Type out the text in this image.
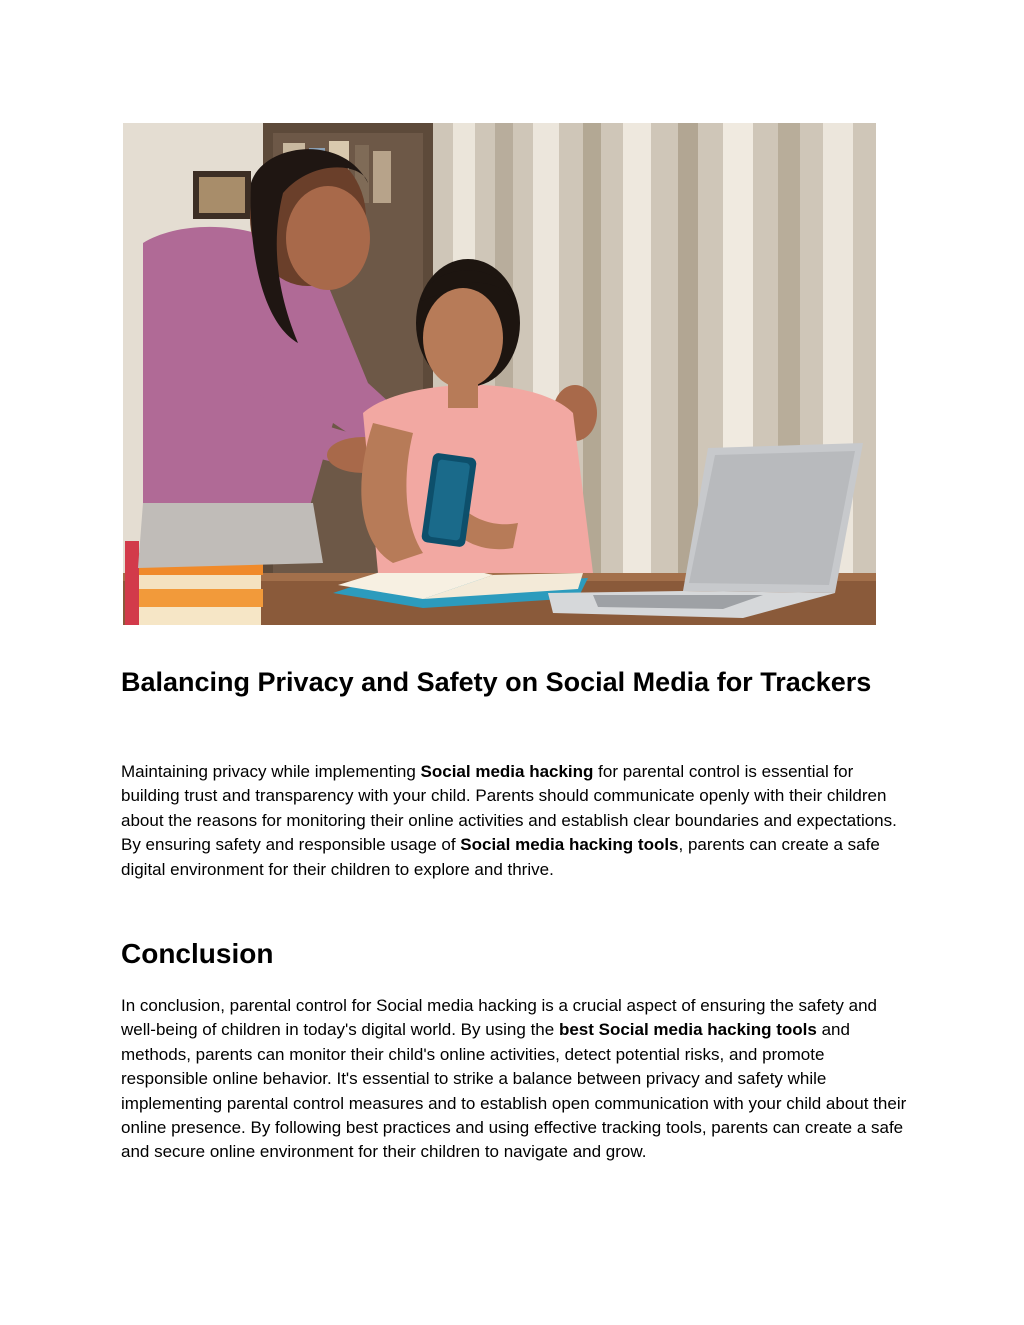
Balancing Privacy and Safety on Social Media for Trackers

Maintaining privacy while implementing Social media hacking for parental control is essential for building trust and transparency with your child. Parents should communicate openly with their children about the reasons for monitoring their online activities and establish clear boundaries and expectations. By ensuring safety and responsible usage of Social media hacking tools, parents can create a safe digital environment for their children to explore and thrive.

Conclusion

In conclusion, parental control for Social media hacking is a crucial aspect of ensuring the safety and well-being of children in today's digital world. By using the best Social media hacking tools and methods, parents can monitor their child's online activities, detect potential risks, and promote responsible online behavior. It's essential to strike a balance between privacy and safety while implementing parental control measures and to establish open communication with your child about their online presence. By following best practices and using effective tracking tools, parents can create a safe and secure online environment for their children to navigate and grow.
